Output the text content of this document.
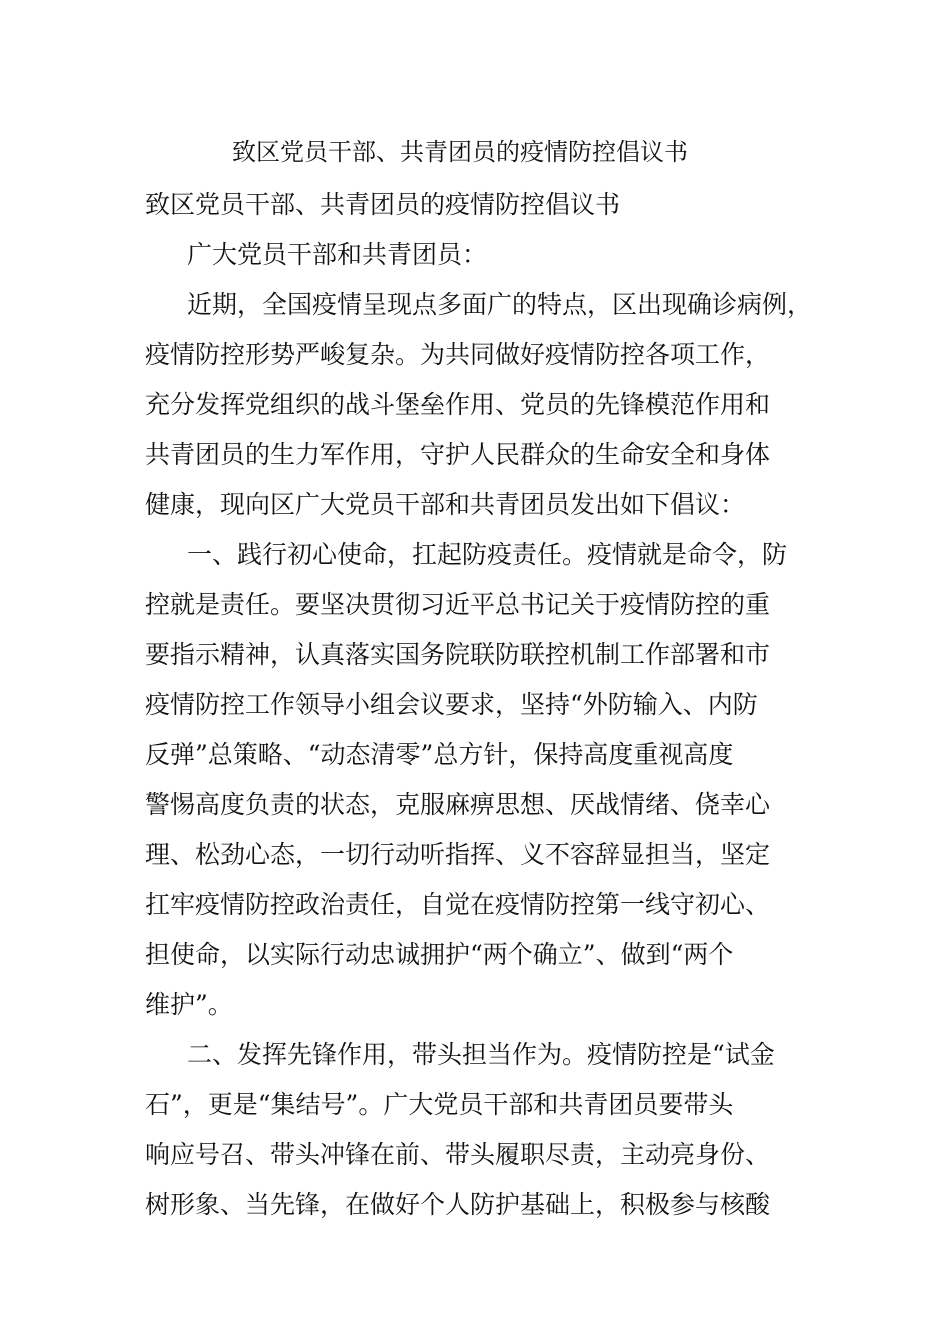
致区党员干部、共青团员的疫情防控倡议书
致区党员干部、共青团员的疫情防控倡议书
广大党员干部和共青团员：
近期，全国疫情呈现点多面广的特点，区出现确诊病例，
疫情防控形势严峻复杂。为共同做好疫情防控各项工作，
充分发挥党组织的战斗堡垒作用、党员的先锋模范作用和
共青团员的生力军作用，守护人民群众的生命安全和身体
健康，现向区广大党员干部和共青团员发出如下倡议：
一、践行初心使命，扛起防疫责任。疫情就是命令，防
控就是责任。要坚决贯彻习近平总书记关于疫情防控的重
要指示精神，认真落实国务院联防联控机制工作部署和市
疫情防控工作领导小组会议要求，坚持“外防输入、内防
反弹”总策略、“动态清零”总方针，保持高度重视高度
警惕高度负责的状态，克服麻痹思想、厌战情绪、侥幸心
理、松劲心态，一切行动听指挥、义不容辞显担当，坚定
扛牢疫情防控政治责任，自觉在疫情防控第一线守初心、
担使命，以实际行动忠诚拥护“两个确立”、做到“两个
维护”。
二、发挥先锋作用，带头担当作为。疫情防控是“试金
石”，更是“集结号”。广大党员干部和共青团员要带头
响应号召、带头冲锋在前、带头履职尽责，主动亮身份、
树形象、当先锋，在做好个人防护基础上，积极参与核酸
